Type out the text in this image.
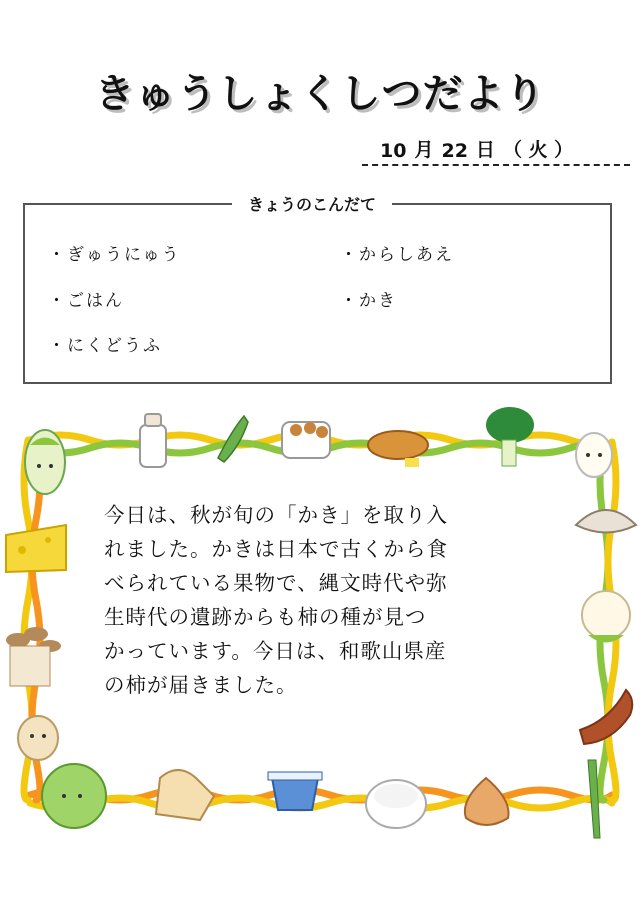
きゅうしょくしつだより
10 月 22 日 （ 火 ）
きょうのこんだて
・ぎゅうにゅう
・ごはん
・にくどうふ
・からしあえ
・かき
今日は、秋が旬の「かき」を取り入
れました。かきは日本で古くから食
べられている果物で、縄文時代や弥
生時代の遺跡からも柿の種が見つ
かっています。今日は、和歌山県産
の柿が届きました。
